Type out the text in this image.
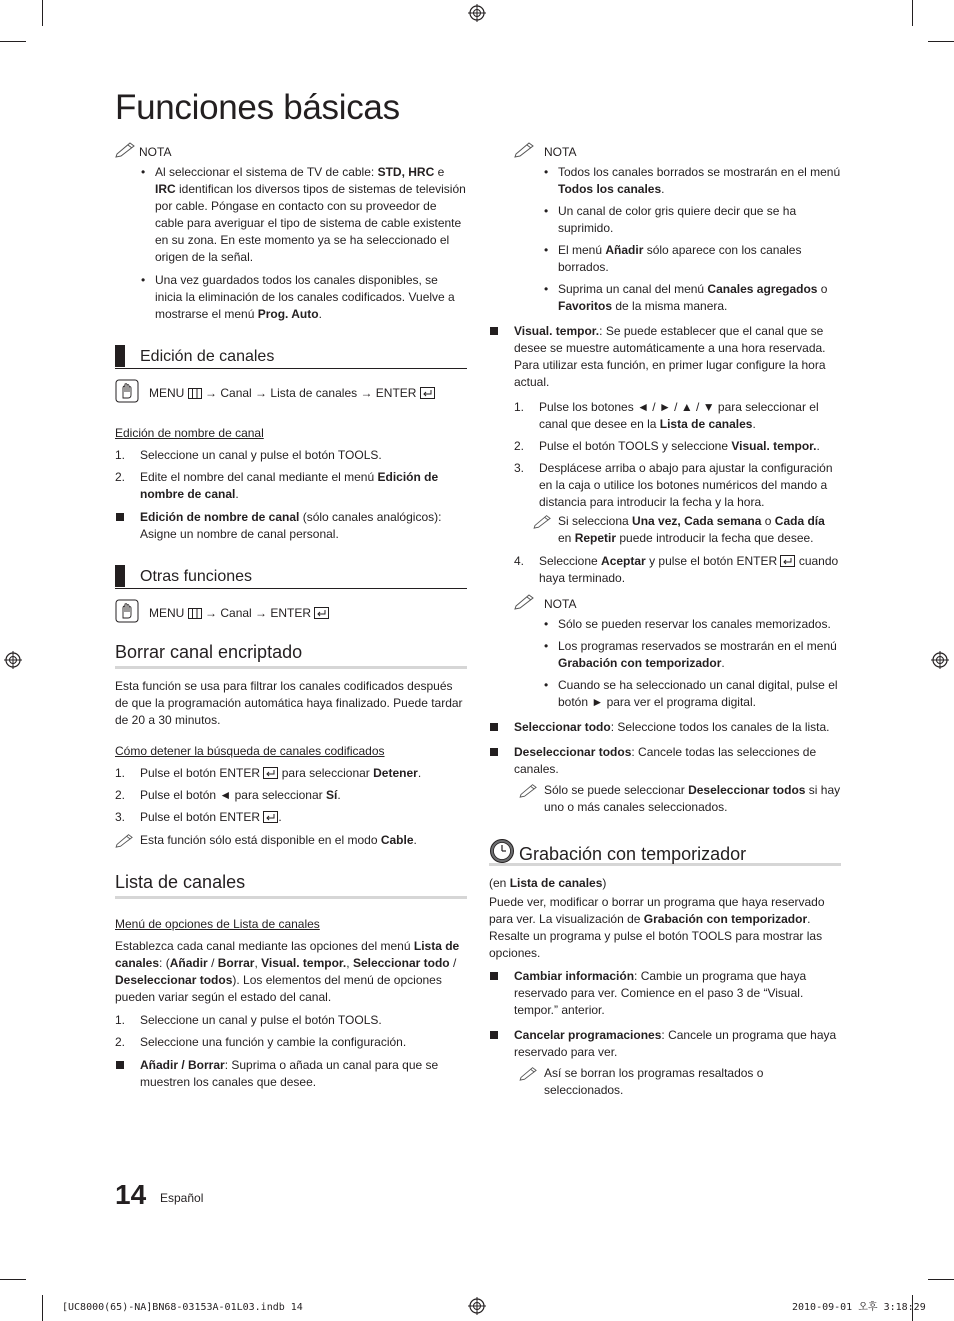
Funciones básicas
NOTA
• Al seleccionar el sistema de TV de cable: STD, HRC e IRC identifican los diversos tipos de sistemas de televisión por cable. Póngase en contacto con su proveedor de cable para averiguar el tipo de sistema de cable existente en su zona. En este momento ya se ha seleccionado el origen de la señal.
• Una vez guardados todos los canales disponibles, se inicia la eliminación de los canales codificados. Vuelve a mostrarse el menú Prog. Auto.
Edición de canales
MENU  → Canal → Lista de canales → ENTER
Edición de nombre de canal
1. Seleccione un canal y pulse el botón TOOLS.
2. Edite el nombre del canal mediante el menú Edición de nombre de canal.
Edición de nombre de canal (sólo canales analógicos): Asigne un nombre de canal personal.
Otras funciones
MENU  → Canal → ENTER
Borrar canal encriptado
Esta función se usa para filtrar los canales codificados después de que la programación automática haya finalizado. Puede tardar de 20 a 30 minutos.
Cómo detener la búsqueda de canales codificados
1. Pulse el botón ENTER  para seleccionar Detener.
2. Pulse el botón ◄ para seleccionar Sí.
3. Pulse el botón ENTER .
Esta función sólo está disponible en el modo Cable.
Lista de canales
Menú de opciones de Lista de canales
Establezca cada canal mediante las opciones del menú Lista de canales: (Añadir / Borrar, Visual. tempor., Seleccionar todo / Deseleccionar todos). Los elementos del menú de opciones pueden variar según el estado del canal.
1. Seleccione un canal y pulse el botón TOOLS.
2. Seleccione una función y cambie la configuración.
Añadir / Borrar: Suprima o añada un canal para que se muestren los canales que desee.
NOTA
• Todos los canales borrados se mostrarán en el menú Todos los canales.
• Un canal de color gris quiere decir que se ha suprimido.
• El menú Añadir sólo aparece con los canales borrados.
• Suprima un canal del menú Canales agregados o Favoritos de la misma manera.
Visual. tempor.: Se puede establecer que el canal que se desee se muestre automáticamente a una hora reservada. Para utilizar esta función, en primer lugar configure la hora actual.
1. Pulse los botones ◄ / ► / ▲ / ▼ para seleccionar el canal que desee en la Lista de canales.
2. Pulse el botón TOOLS y seleccione Visual. tempor..
3. Desplácese arriba o abajo para ajustar la configuración en la caja o utilice los botones numéricos del mando a distancia para introducir la fecha y la hora.
Si selecciona Una vez, Cada semana o Cada día en Repetir puede introducir la fecha que desee.
4. Seleccione Aceptar y pulse el botón ENTER  cuando haya terminado.
NOTA
• Sólo se pueden reservar los canales memorizados.
• Los programas reservados se mostrarán en el menú Grabación con temporizador.
• Cuando se ha seleccionado un canal digital, pulse el botón ► para ver el programa digital.
Seleccionar todo: Seleccione todos los canales de la lista.
Deseleccionar todos: Cancele todas las selecciones de canales.
Sólo se puede seleccionar Deseleccionar todos si hay uno o más canales seleccionados.
Grabación con temporizador
(en Lista de canales)
Puede ver, modificar o borrar un programa que haya reservado para ver. La visualización de Grabación con temporizador. Resalte un programa y pulse el botón TOOLS para mostrar las opciones.
Cambiar información: Cambie un programa que haya reservado para ver. Comience en el paso 3 de “Visual. tempor.” anterior.
Cancelar programaciones: Cancele un programa que haya reservado para ver.
Así se borran los programas resaltados o seleccionados.
14 Español
[UC8000(65)-NA]BN68-03153A-01L03.indb 14	2010-09-01 오후 3:18:29
